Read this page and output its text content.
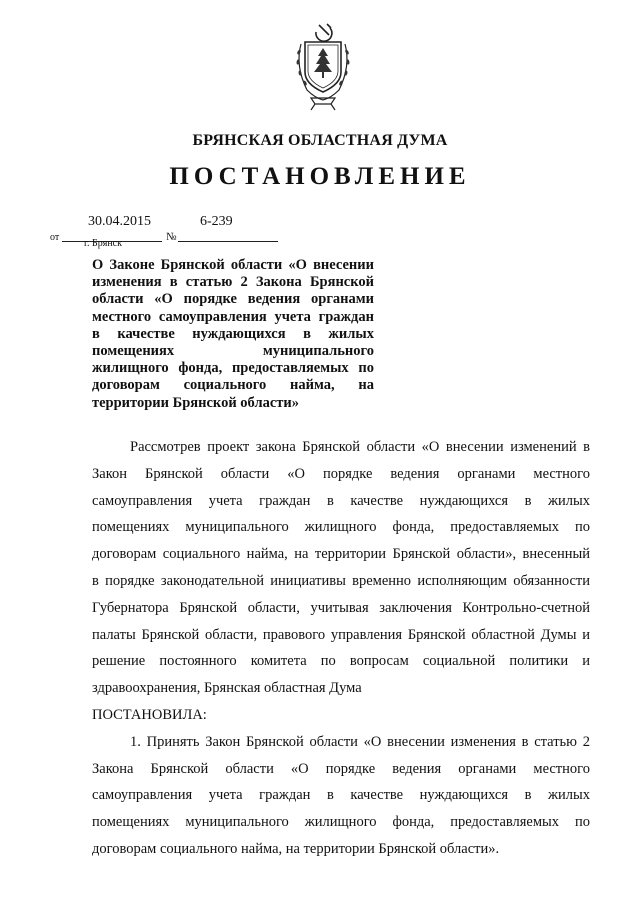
БРЯНСКАЯ ОБЛАСТНАЯ ДУМА
ПОСТАНОВЛЕНИЕ
от
30.04.2015
№
6-239
г. Брянск
О Законе Брянской области «О внесении
изменения в статью 2 Закона Брянской
области «О порядке ведения органами
местного самоуправления учета граждан
в качестве нуждающихся в жилых
помещениях муниципального
жилищного фонда, предоставляемых по
договорам социального найма, на
территории Брянской области»
Рассмотрев проект закона Брянской области «О внесении изменений в
Закон Брянской области «О порядке ведения органами местного
самоуправления учета граждан в качестве нуждающихся в жилых
помещениях муниципального жилищного фонда, предоставляемых по
договорам социального найма, на территории Брянской области», внесенный
в порядке законодательной инициативы временно исполняющим обязанности
Губернатора Брянской области, учитывая заключения Контрольно-счетной
палаты Брянской области, правового управления Брянской областной Думы и
решение постоянного комитета по вопросам социальной политики и
здравоохранения, Брянская областная Дума
ПОСТАНОВИЛА:
1. Принять Закон Брянской области «О внесении изменения в статью 2
Закона Брянской области «О порядке ведения органами местного
самоуправления учета граждан в качестве нуждающихся в жилых
помещениях муниципального жилищного фонда, предоставляемых по
договорам социального найма, на территории Брянской области».
